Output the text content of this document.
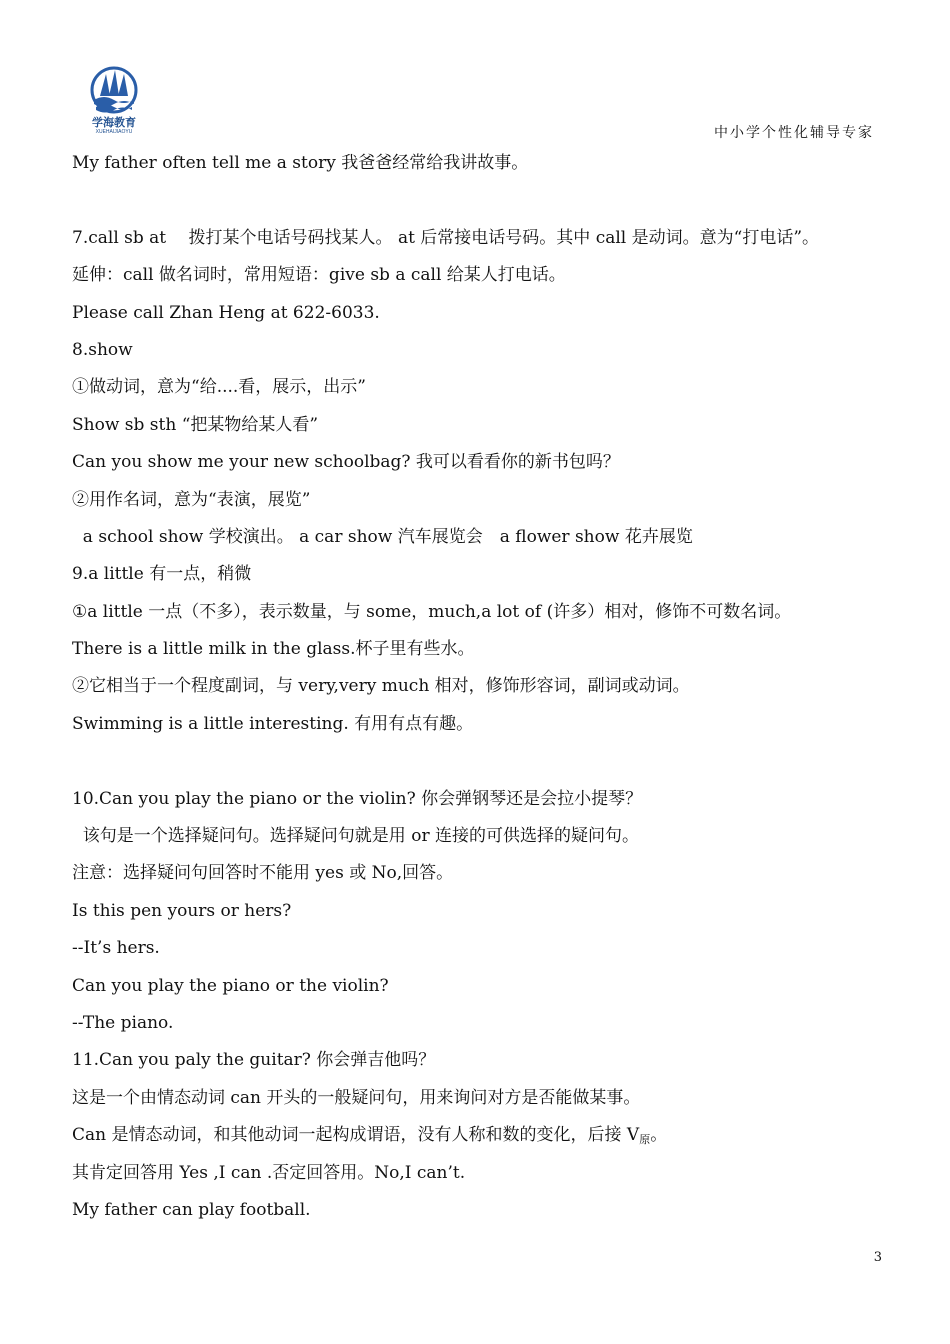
学海教育
XUEHAIJIAOYU	中小学个性化辅导专家
My father often tell me a story 我爸爸经常给我讲故事。
7.call sb at　 拨打某个电话号码找某人。 at 后常接电话号码。其中 call 是动词。意为“打电话”。
延伸：call 做名词时，常用短语：give sb a call 给某人打电话。
Please call Zhan Heng at 622-6033.
8.show
①做动词，意为“给....看，展示，出示”
Show sb sth “把某物给某人看”
Can you show me your new schoolbag? 我可以看看你的新书包吗？
②用作名词，意为“表演，展览”
a school show 学校演出。 a car show 汽车展览会　a flower show 花卉展览
9.a little 有一点，稍微
①a little 一点（不多），表示数量，与 some，much,a lot of (许多）相对，修饰不可数名词。
There is a little milk in the glass.杯子里有些水。
②它相当于一个程度副词，与 very,very much 相对，修饰形容词，副词或动词。
Swimming is a little interesting. 有用有点有趣。
10.Can you play the piano or the violin? 你会弹钢琴还是会拉小提琴？
该句是一个选择疑问句。选择疑问句就是用 or 连接的可供选择的疑问句。
注意：选择疑问句回答时不能用 yes 或 No,回答。
Is this pen yours or hers?
--It’s hers.
Can you play the piano or the violin?
--The piano.
11.Can you paly the guitar? 你会弹吉他吗？
这是一个由情态动词 can 开头的一般疑问句，用来询问对方是否能做某事。
Can 是情态动词，和其他动词一起构成谓语，没有人称和数的变化，后接 $V_原$。
其肯定回答用 Yes ,I can .否定回答用。No,I can’t.
My father can play football.
3
